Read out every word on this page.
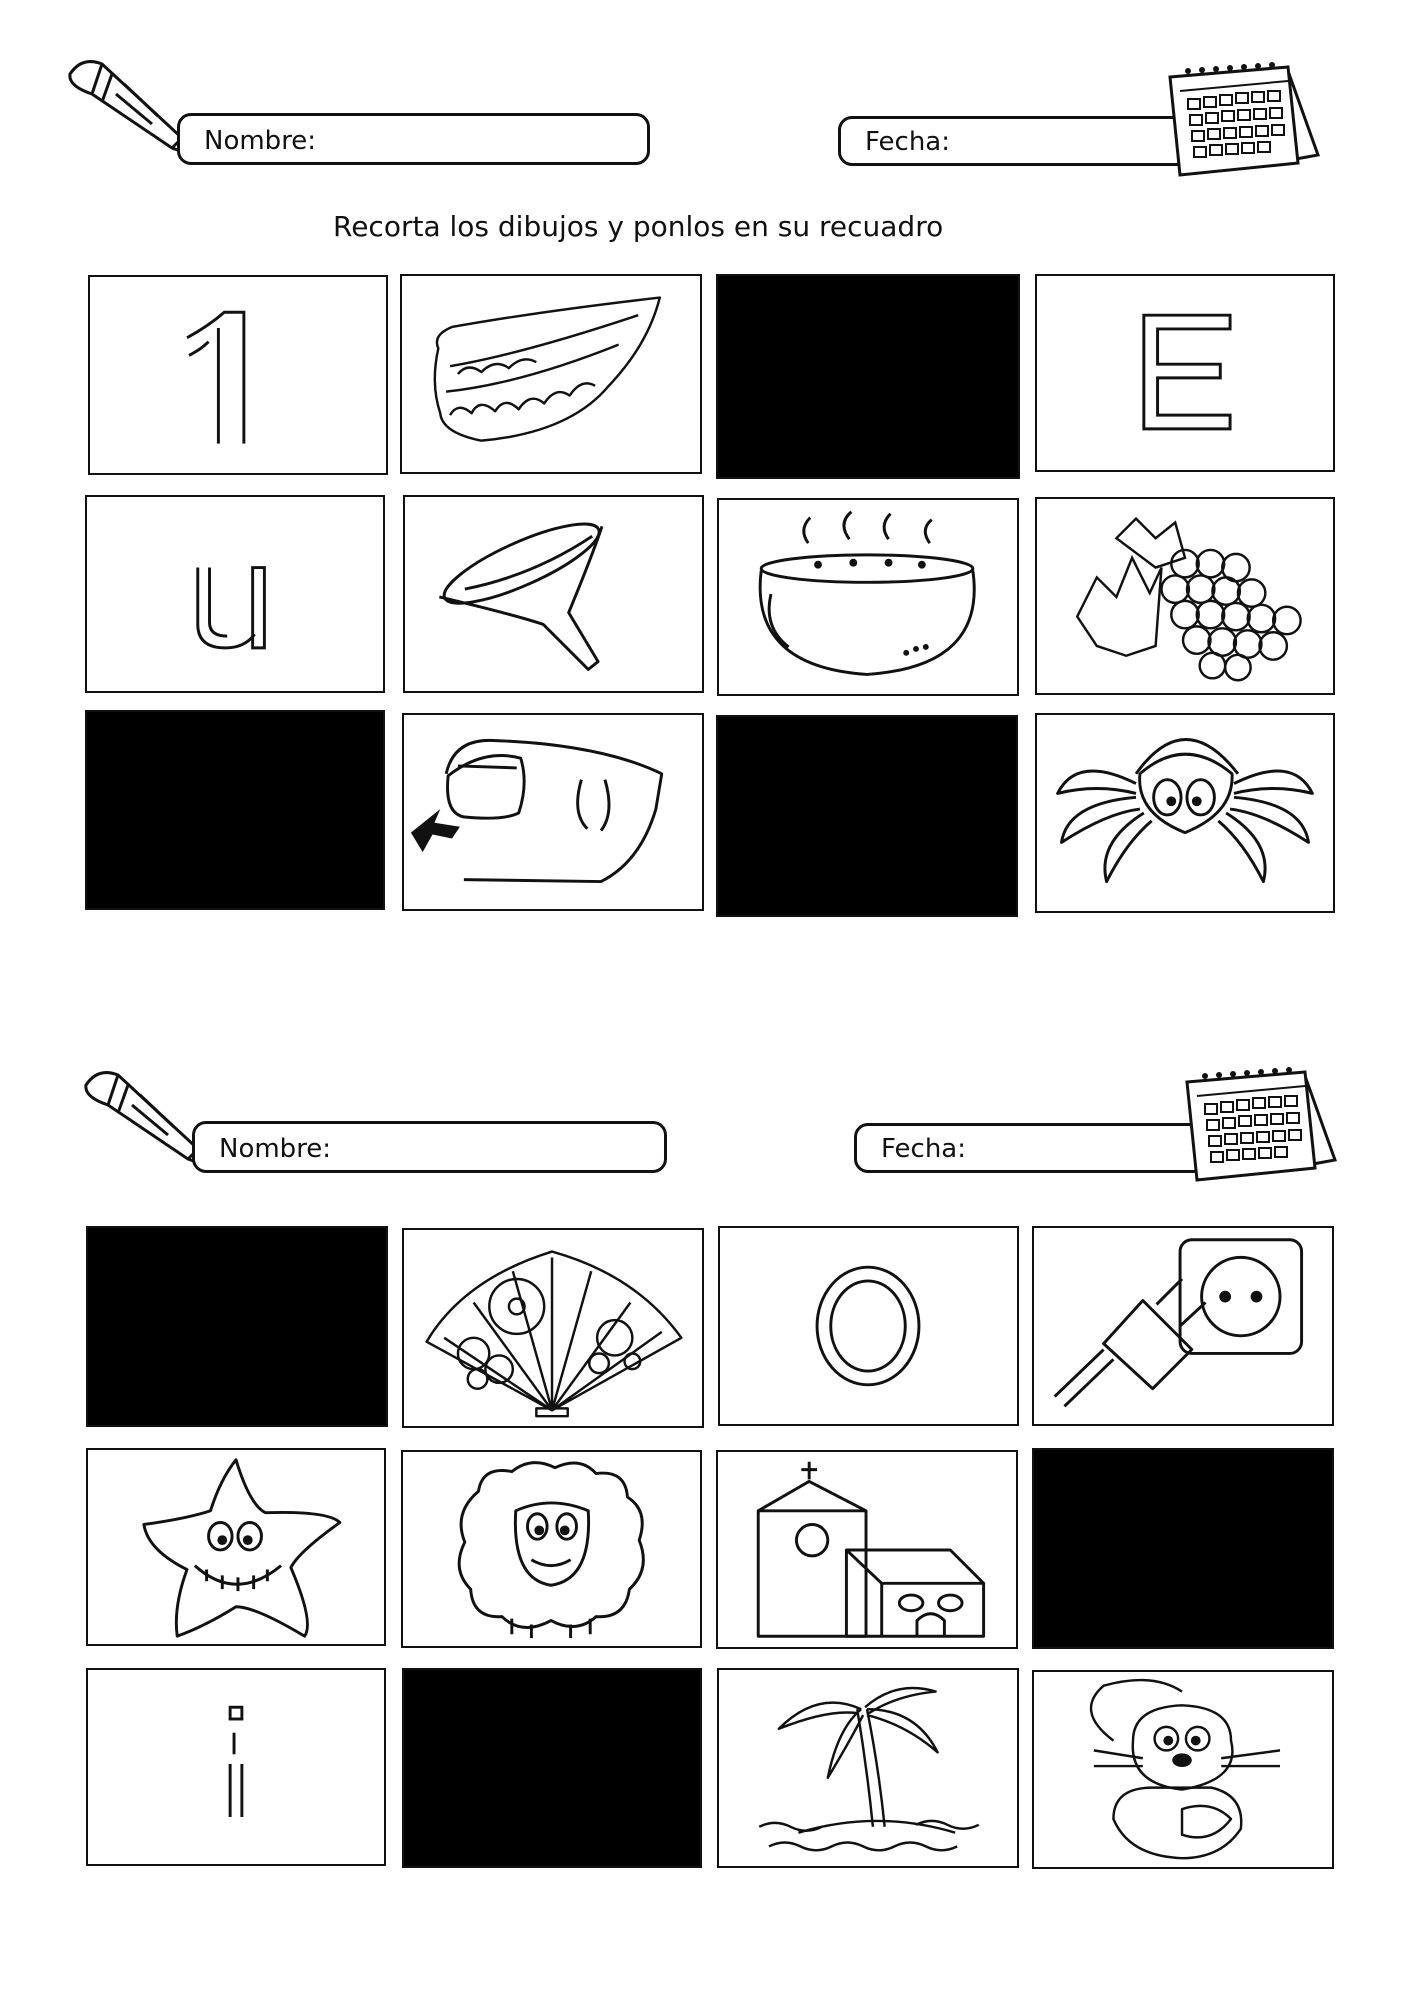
Nombre:	Fecha:
Recorta los dibujos y ponlos en su recuadro
Nombre:	Fecha:
